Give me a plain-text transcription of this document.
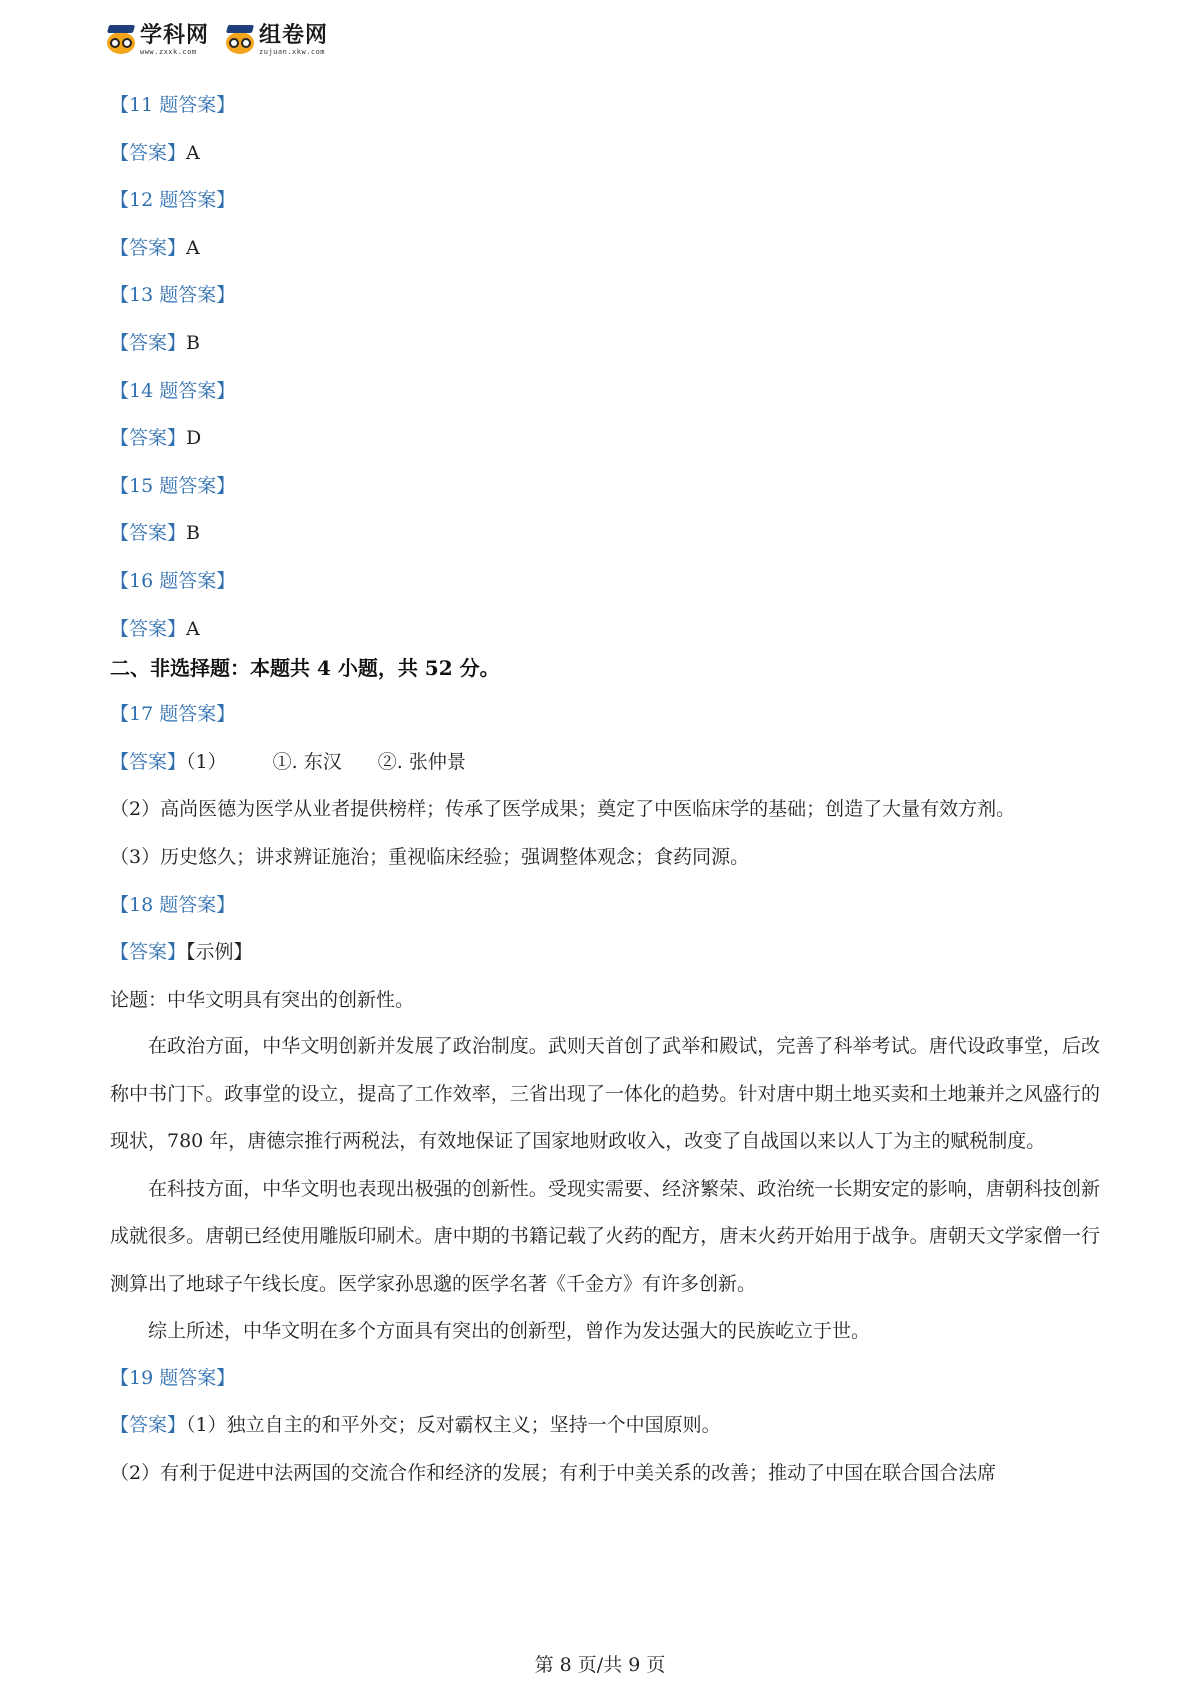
学科网
www.zxxk.com
组卷网
zujuan.xkw.com
【11 题答案】
【答案】A
【12 题答案】
【答案】A
【13 题答案】
【答案】B
【14 题答案】
【答案】D
【15 题答案】
【答案】B
【16 题答案】
【答案】A
二、非选择题：本题共 4 小题，共 52 分。
【17 题答案】
【答案】（1） ①. 东汉 ②. 张仲景
（2）高尚医德为医学从业者提供榜样；传承了医学成果；奠定了中医临床学的基础；创造了大量有效方剂。
（3）历史悠久；讲求辨证施治；重视临床经验；强调整体观念；食药同源。
【18 题答案】
【答案】【示例】
论题：中华文明具有突出的创新性。
在政治方面，中华文明创新并发展了政治制度。武则天首创了武举和殿试，完善了科举考试。唐代设政事堂，后改称中书门下。政事堂的设立，提高了工作效率，三省出现了一体化的趋势。针对唐中期土地买卖和土地兼并之风盛行的现状，780 年，唐德宗推行两税法，有效地保证了国家地财政收入，改变了自战国以来以人丁为主的赋税制度。
在科技方面，中华文明也表现出极强的创新性。受现实需要、经济繁荣、政治统一长期安定的影响，唐朝科技创新成就很多。唐朝已经使用雕版印刷术。唐中期的书籍记载了火药的配方，唐末火药开始用于战争。唐朝天文学家僧一行测算出了地球子午线长度。医学家孙思邈的医学名著《千金方》有许多创新。
综上所述，中华文明在多个方面具有突出的创新型，曾作为发达强大的民族屹立于世。
【19 题答案】
【答案】（1）独立自主的和平外交；反对霸权主义；坚持一个中国原则。
（2）有利于促进中法两国的交流合作和经济的发展；有利于中美关系的改善；推动了中国在联合国合法席
第 8 页/共 9 页
